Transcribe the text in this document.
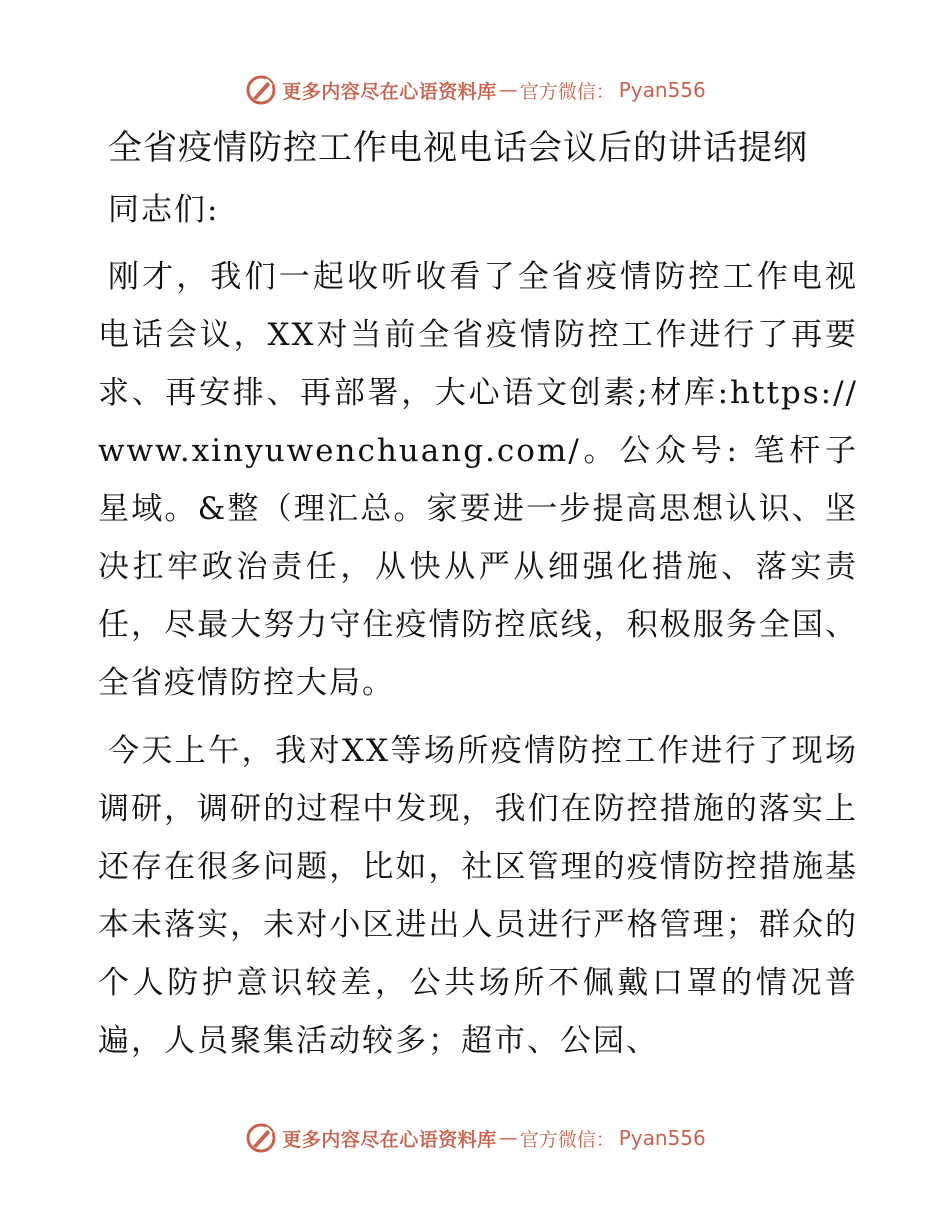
更多内容尽在心语资料库 — 官方微信： Pyan556
全省疫情防控工作电视电话会议后的讲话提纲
同志们:

刚才，我们一起收听收看了全省疫情防控工作电视电话会议，XX对当前全省疫情防控工作进行了再要求、再安排、再部署，大心语文创素;材库:https://www.xinyuwenchuang.com/。公众号: 笔杆子星域。&整（理汇总。家要进一步提高思想认识、坚决扛牢政治责任，从快从严从细强化措施、落实责任，尽最大努力守住疫情防控底线，积极服务全国、全省疫情防控大局。

今天上午，我对XX等场所疫情防控工作进行了现场调研，调研的过程中发现，我们在防控措施的落实上还存在很多问题，比如，社区管理的疫情防控措施基本未落实，未对小区进出人员进行严格管理；群众的个人防护意识较差，公共场所不佩戴口罩的情况普遍，人员聚集活动较多；超市、公园、

更多内容尽在心语资料库 — 官方微信： Pyan556
